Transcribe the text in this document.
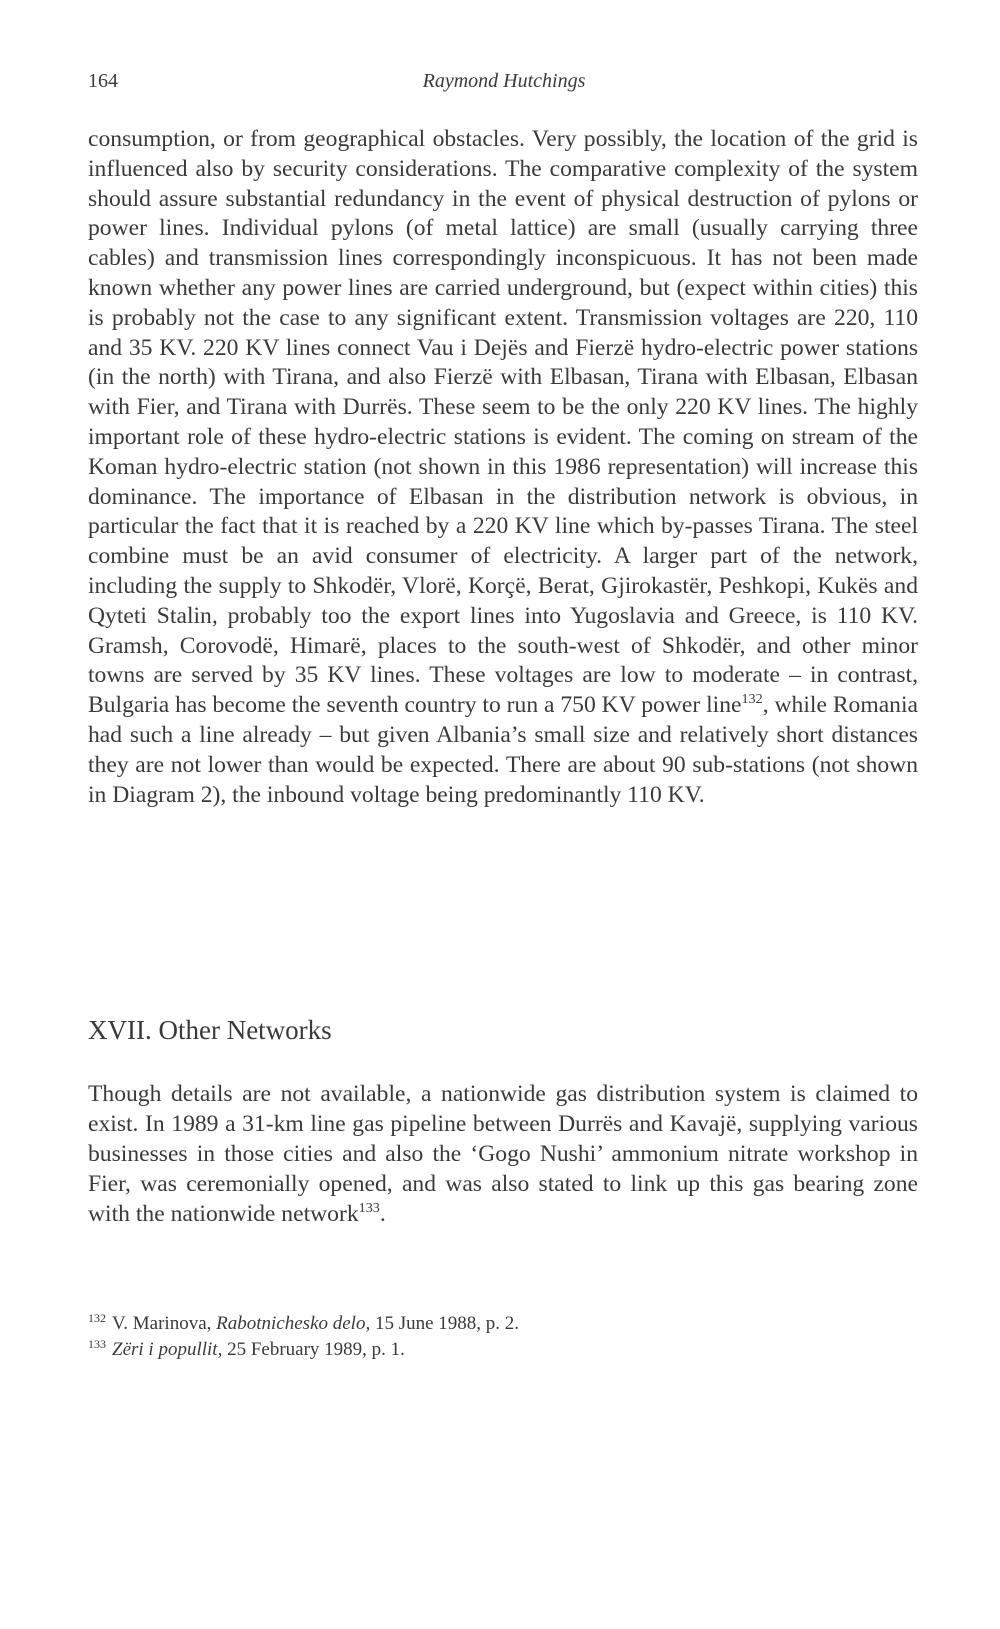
164	Raymond Hutchings

consumption, or from geographical obstacles. Very possibly, the location of the grid is influenced also by security considerations. The comparative complexity of the system should assure substantial redundancy in the event of physical destruction of pylons or power lines. Individual pylons (of metal lattice) are small (usually carrying three cables) and transmission lines correspondingly inconspicuous. It has not been made known whether any power lines are carried underground, but (expect within cities) this is probably not the case to any significant extent. Transmission voltages are 220, 110 and 35 KV. 220 KV lines connect Vau i Dejës and Fierzë hydro-electric power stations (in the north) with Tirana, and also Fierzë with Elbasan, Tirana with Elbasan, Elbasan with Fier, and Tirana with Durrës. These seem to be the only 220 KV lines. The highly important role of these hydro-electric stations is evident. The coming on stream of the Koman hydro-electric station (not shown in this 1986 representation) will increase this dominance. The importance of Elbasan in the distribution network is obvious, in particular the fact that it is reached by a 220 KV line which by-passes Tirana. The steel combine must be an avid consumer of electricity. A larger part of the network, including the supply to Shkodër, Vlorë, Korçë, Berat, Gjirokastër, Peshkopi, Kukës and Qyteti Stalin, probably too the export lines into Yugoslavia and Greece, is 110 KV. Gramsh, Corovodë, Himarë, places to the south-west of Shkodër, and other minor towns are served by 35 KV lines. These voltages are low to moderate – in contrast, Bulgaria has become the seventh country to run a 750 KV power line$^{132}$, while Romania had such a line already – but given Albania’s small size and relatively short distances they are not lower than would be expected. There are about 90 sub-stations (not shown in Diagram 2), the inbound voltage being predominantly 110 KV.

XVII. Other Networks

Though details are not available, a nationwide gas distribution system is claimed to exist. In 1989 a 31-km line gas pipeline between Durrës and Kavajë, supplying various businesses in those cities and also the ‘Gogo Nushi’ ammonium nitrate workshop in Fier, was ceremonially opened, and was also stated to link up this gas bearing zone with the nationwide network$^{133}$.

$^{132}$ V. Marinova, Rabotnichesko delo, 15 June 1988, p. 2.
$^{133}$ Zëri i popullit, 25 February 1989, p. 1.
